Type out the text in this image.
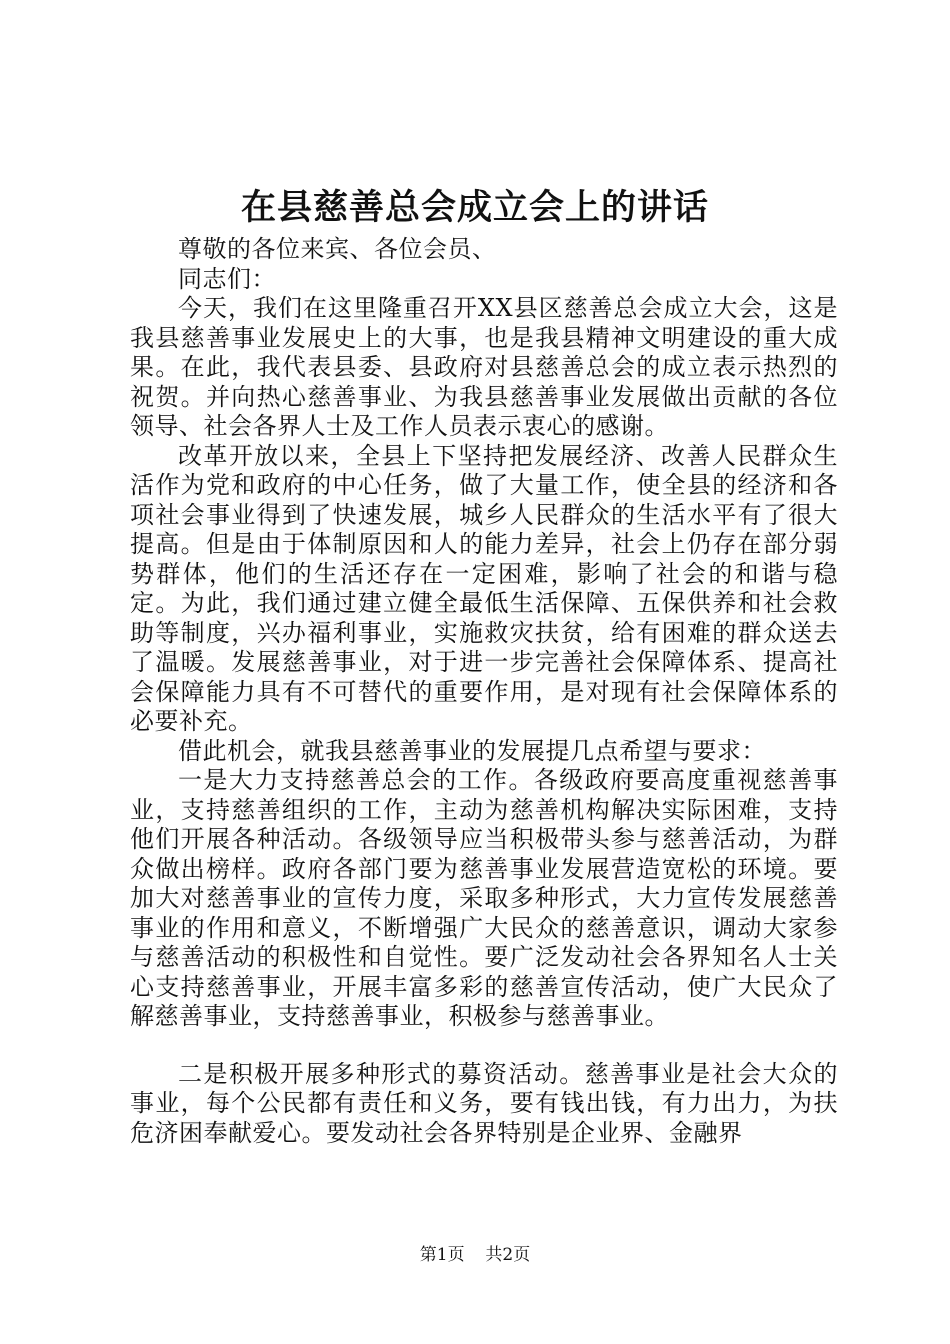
在县慈善总会成立会上的讲话

尊敬的各位来宾、各位会员、

同志们：

今天，我们在这里隆重召开XX县区慈善总会成立大会，这是我县慈善事业发展史上的大事，也是我县精神文明建设的重大成果。在此，我代表县委、县政府对县慈善总会的成立表示热烈的祝贺。并向热心慈善事业、为我县慈善事业发展做出贡献的各位领导、社会各界人士及工作人员表示衷心的感谢。

改革开放以来，全县上下坚持把发展经济、改善人民群众生活作为党和政府的中心任务，做了大量工作，使全县的经济和各项社会事业得到了快速发展，城乡人民群众的生活水平有了很大提高。但是由于体制原因和人的能力差异，社会上仍存在部分弱势群体，他们的生活还存在一定困难，影响了社会的和谐与稳定。为此，我们通过建立健全最低生活保障、五保供养和社会救助等制度，兴办福利事业，实施救灾扶贫，给有困难的群众送去了温暖。发展慈善事业，对于进一步完善社会保障体系、提高社会保障能力具有不可替代的重要作用，是对现有社会保障体系的必要补充。

借此机会，就我县慈善事业的发展提几点希望与要求：

一是大力支持慈善总会的工作。各级政府要高度重视慈善事业，支持慈善组织的工作，主动为慈善机构解决实际困难，支持他们开展各种活动。各级领导应当积极带头参与慈善活动，为群众做出榜样。政府各部门要为慈善事业发展营造宽松的环境。要加大对慈善事业的宣传力度，采取多种形式，大力宣传发展慈善事业的作用和意义，不断增强广大民众的慈善意识，调动大家参与慈善活动的积极性和自觉性。要广泛发动社会各界知名人士关心支持慈善事业，开展丰富多彩的慈善宣传活动，使广大民众了解慈善事业，支持慈善事业，积极参与慈善事业。

二是积极开展多种形式的募资活动。慈善事业是社会大众的事业，每个公民都有责任和义务，要有钱出钱，有力出力，为扶危济困奉献爱心。要发动社会各界特别是企业界、金融界

第1页 共2页
